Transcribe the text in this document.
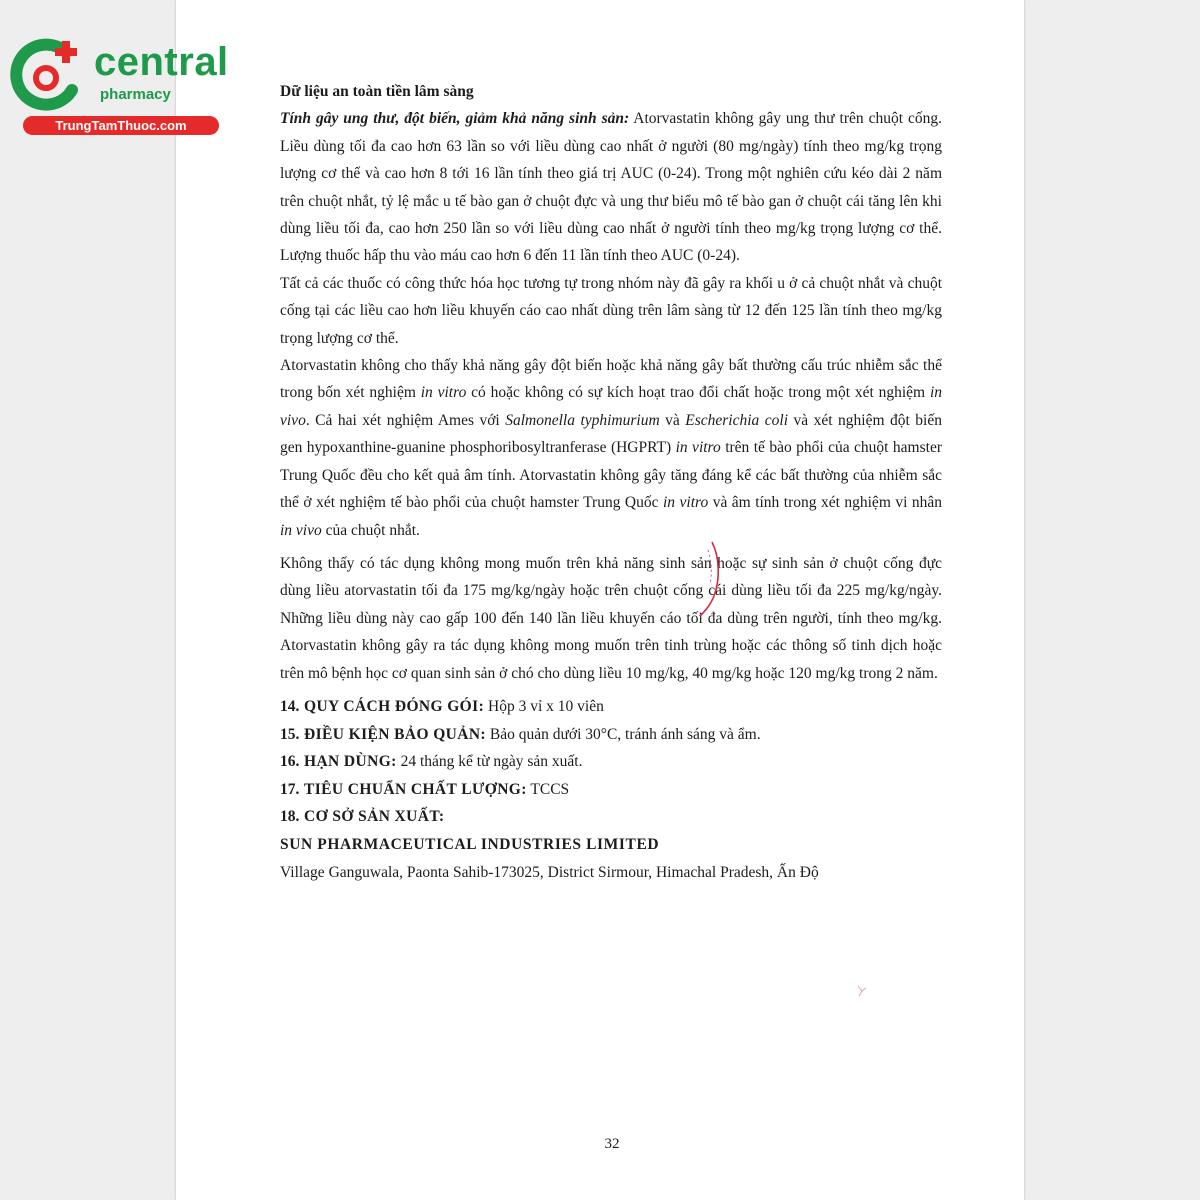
central
pharmacy
TrungTamThuoc.com

Dữ liệu an toàn tiền lâm sàng

Tính gây ung thư, đột biến, giảm khả năng sinh sản: Atorvastatin không gây ung thư trên chuột cống. Liều dùng tối đa cao hơn 63 lần so với liều dùng cao nhất ở người (80 mg/ngày) tính theo mg/kg trọng lượng cơ thể và cao hơn 8 tới 16 lần tính theo giá trị AUC (0-24). Trong một nghiên cứu kéo dài 2 năm trên chuột nhắt, tỷ lệ mắc u tế bào gan ở chuột đực và ung thư biểu mô tế bào gan ở chuột cái tăng lên khi dùng liều tối đa, cao hơn 250 lần so với liều dùng cao nhất ở người tính theo mg/kg trọng lượng cơ thể. Lượng thuốc hấp thu vào máu cao hơn 6 đến 11 lần tính theo AUC (0-24).

Tất cả các thuốc có công thức hóa học tương tự trong nhóm này đã gây ra khối u ở cả chuột nhắt và chuột cống tại các liều cao hơn liều khuyến cáo cao nhất dùng trên lâm sàng từ 12 đến 125 lần tính theo mg/kg trọng lượng cơ thể.

Atorvastatin không cho thấy khả năng gây đột biến hoặc khả năng gây bất thường cấu trúc nhiễm sắc thể trong bốn xét nghiệm in vitro có hoặc không có sự kích hoạt trao đổi chất hoặc trong một xét nghiệm in vivo. Cả hai xét nghiệm Ames với Salmonella typhimurium và Escherichia coli và xét nghiệm đột biến gen hypoxanthine-guanine phosphoribosyltranferase (HGPRT) in vitro trên tế bào phổi của chuột hamster Trung Quốc đều cho kết quả âm tính. Atorvastatin không gây tăng đáng kể các bất thường của nhiễm sắc thể ở xét nghiệm tế bào phổi của chuột hamster Trung Quốc in vitro và âm tính trong xét nghiệm vi nhân in vivo của chuột nhắt.

Không thấy có tác dụng không mong muốn trên khả năng sinh sản hoặc sự sinh sản ở chuột cống đực dùng liều atorvastatin tối đa 175 mg/kg/ngày hoặc trên chuột cống cái dùng liều tối đa 225 mg/kg/ngày. Những liều dùng này cao gấp 100 đến 140 lần liều khuyến cáo tối đa dùng trên người, tính theo mg/kg. Atorvastatin không gây ra tác dụng không mong muốn trên tinh trùng hoặc các thông số tinh dịch hoặc trên mô bệnh học cơ quan sinh sản ở chó cho dùng liều 10 mg/kg, 40 mg/kg hoặc 120 mg/kg trong 2 năm.

14. QUY CÁCH ĐÓNG GÓI: Hộp 3 vỉ x 10 viên

15. ĐIỀU KIỆN BẢO QUẢN: Bảo quản dưới 30°C, tránh ánh sáng và ẩm.

16. HẠN DÙNG: 24 tháng kể từ ngày sản xuất.

17. TIÊU CHUẨN CHẤT LƯỢNG: TCCS

18. CƠ SỞ SẢN XUẤT:

SUN PHARMACEUTICAL INDUSTRIES LIMITED

Village Ganguwala, Paonta Sahib-173025, District Sirmour, Himachal Pradesh, Ấn Độ

32
